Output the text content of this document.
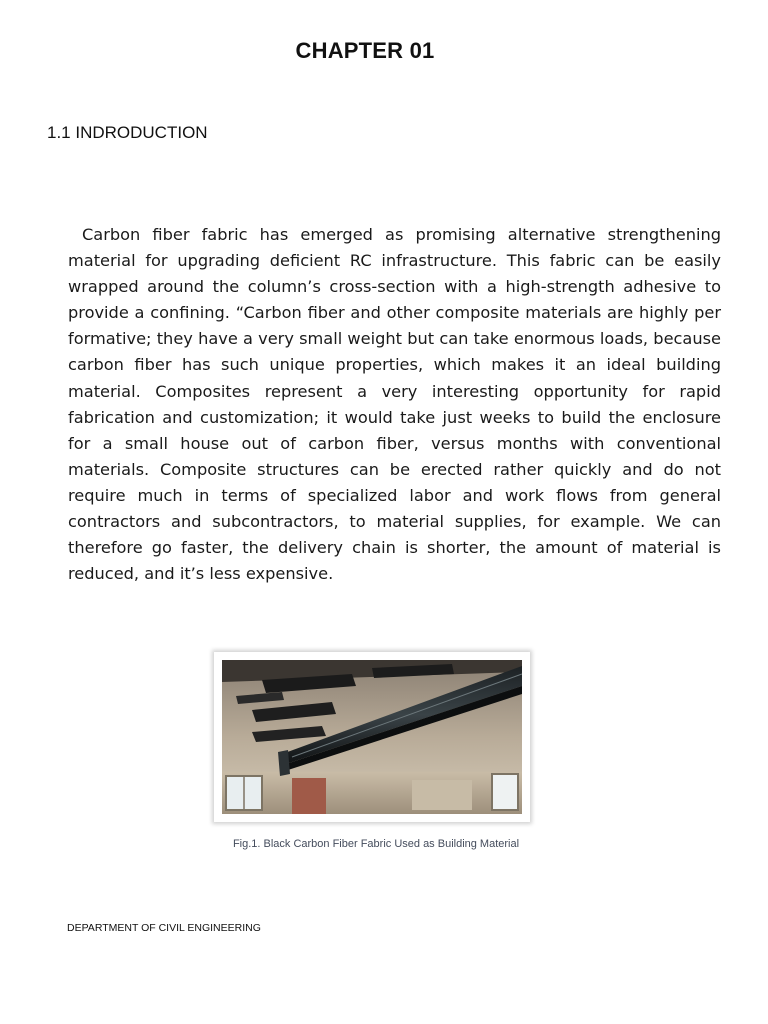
CHAPTER 01
1.1 INDRODUCTION

Carbon fiber fabric has emerged as promising alternative strengthening material for upgrading deficient RC infrastructure. This fabric can be easily wrapped around the column’s cross-section with a high-strength adhesive to provide a confining. “Carbon fiber and other composite materials are highly per formative; they have a very small weight but can take enormous loads, because carbon fiber has such unique properties, which makes it an ideal building material. Composites represent a very interesting opportunity for rapid fabrication and customization; it would take just weeks to build the enclosure for a small house out of carbon fiber, versus months with conventional materials. Composite structures can be erected rather quickly and do not require much in terms of specialized labor and work flows from general contractors and subcontractors, to material supplies, for example. We can therefore go faster, the delivery chain is shorter, the amount of material is reduced, and it’s less expensive.

Fig.1. Black Carbon Fiber Fabric Used as Building Material

DEPARTMENT OF CIVIL ENGINEERING
